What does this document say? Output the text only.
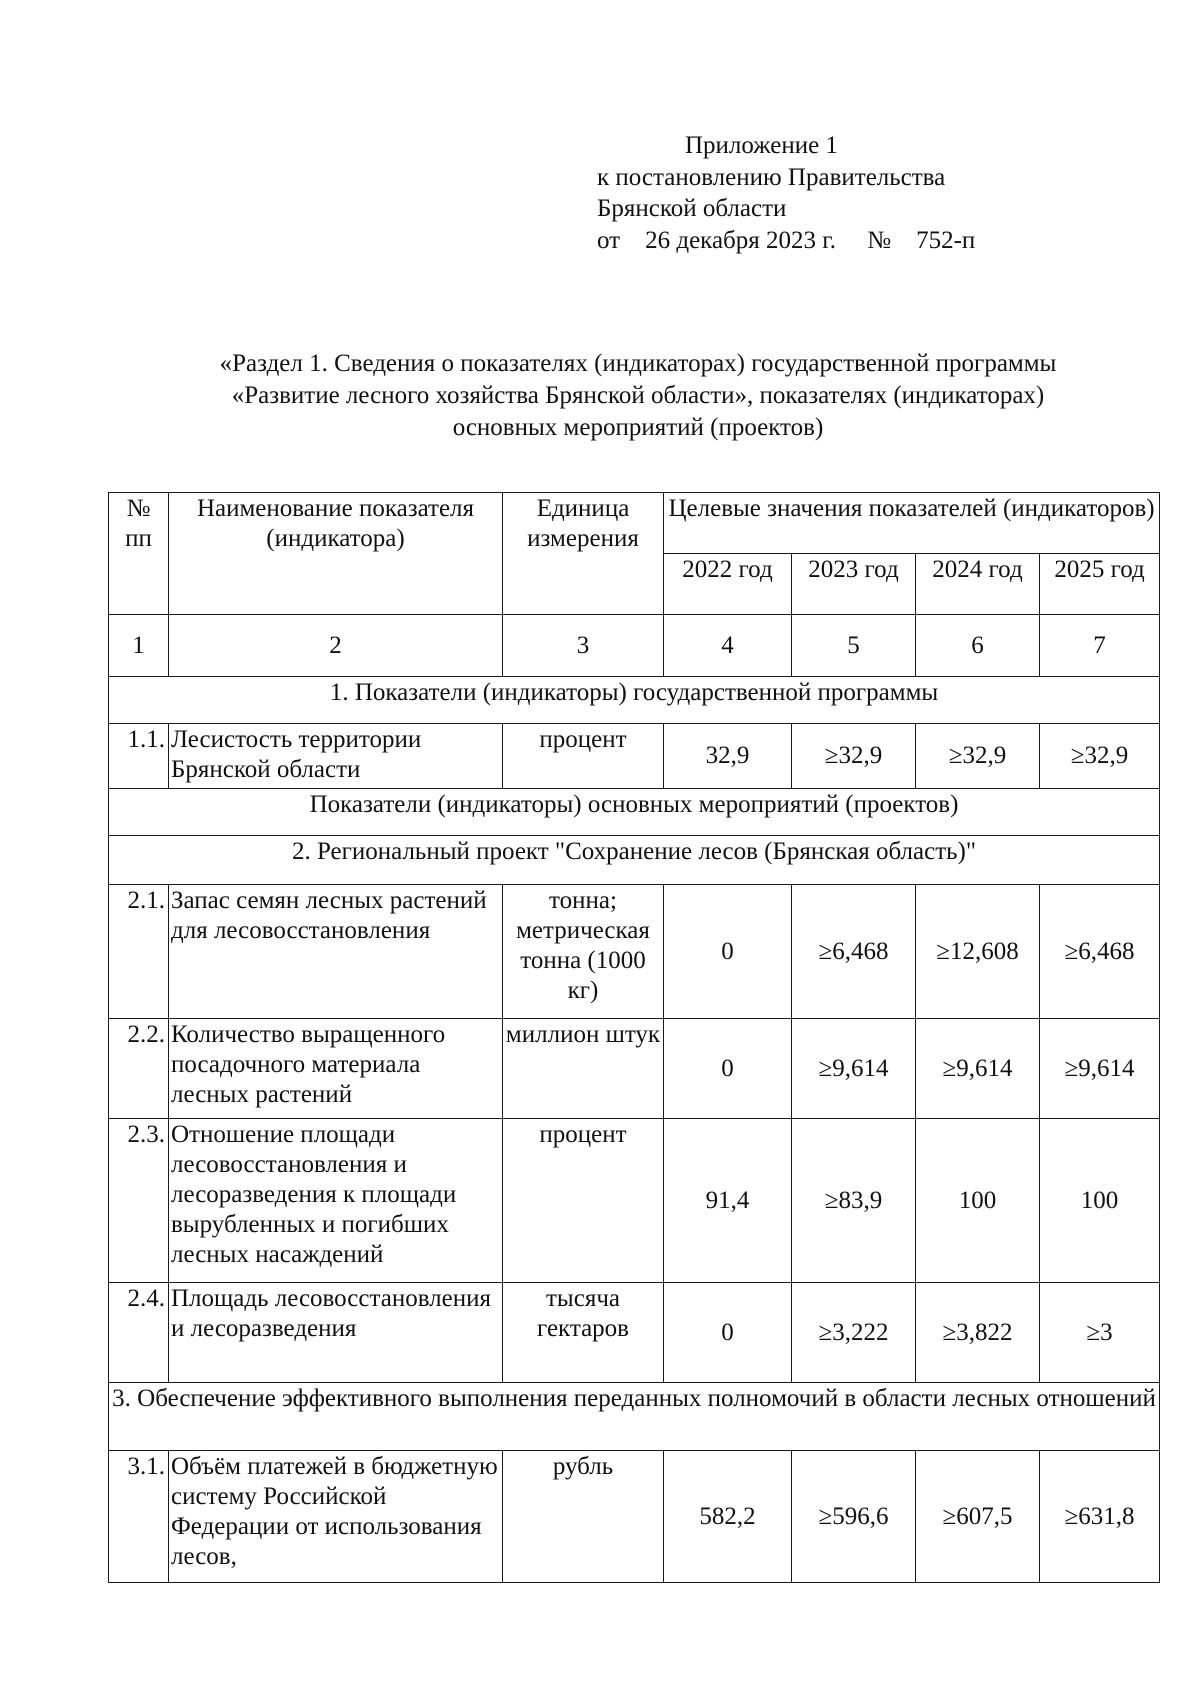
Приложение 1
к постановлению Правительства
Брянской области
от 26 декабря 2023 г. № 752-п
«Раздел 1. Сведения о показателях (индикаторах) государственной программы
«Развитие лесного хозяйства Брянской области», показателях (индикаторах)
основных мероприятий (проектов)
№ пп	Наименование показателя (индикатора)	Единица измерения	Целевые значения показателей (индикаторов)			
			2022 год	2023 год	2024 год	2025 год
1	2	3	4	5	6	7
1. Показатели (индикаторы) государственной программы						
1.1.	Лесистость территории Брянской области	процент	32,9	≥32,9	≥32,9	≥32,9
Показатели (индикаторы) основных мероприятий (проектов)						
2. Региональный проект "Сохранение лесов (Брянская область)"						
2.1.	Запас семян лесных растений для лесовосстановления	тонна; метрическая тонна (1000 кг)	0	≥6,468	≥12,608	≥6,468
2.2.	Количество выращенного посадочного материала лесных растений	миллион штук	0	≥9,614	≥9,614	≥9,614
2.3.	Отношение площади лесовосстановления и лесоразведения к площади вырубленных и погибших лесных насаждений	процент	91,4	≥83,9	100	100
2.4.	Площадь лесовосстановления и лесоразведения	тысяча гектаров	0	≥3,222	≥3,822	≥3
3. Обеспечение эффективного выполнения переданных полномочий в области лесных отношений						
3.1.	Объём платежей в бюджетную систему Российской Федерации от использования лесов,	рубль	582,2	≥596,6	≥607,5	≥631,8
